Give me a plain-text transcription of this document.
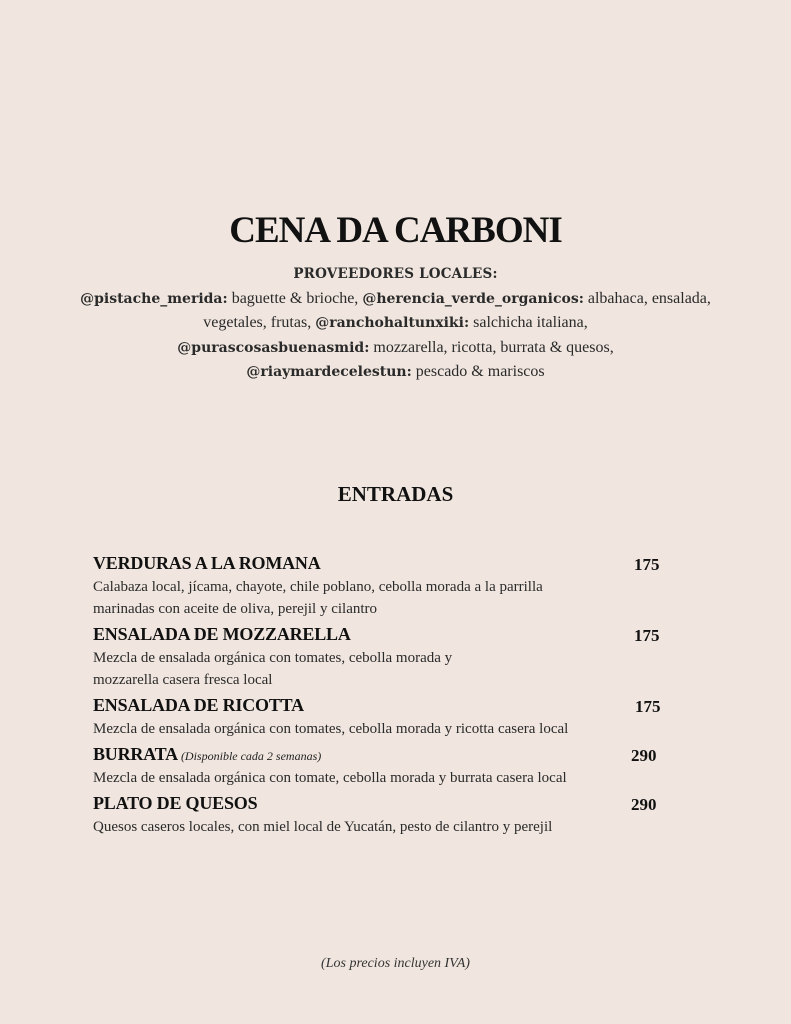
CENA DA CARBONI
PROVEEDORES LOCALES:
@pistache_merida: baguette & brioche, @herencia_verde_organicos: albahaca, ensalada, vegetales, frutas, @ranchohaltunxiki: salchicha italiana,
@purascosasbuenasmid: mozzarella, ricotta, burrata & quesos,
@riaymardecelestun: pescado & mariscos
ENTRADAS
VERDURAS A LA ROMANA	175
Calabaza local, jícama, chayote, chile poblano, cebolla morada a la parrilla
marinadas con aceite de oliva, perejil y cilantro
ENSALADA DE MOZZARELLA	175
Mezcla de ensalada orgánica con tomates, cebolla morada y
mozzarella casera fresca local
ENSALADA DE RICOTTA	175
Mezcla de ensalada orgánica con tomates, cebolla morada y ricotta casera local
BURRATA (Disponible cada 2 semanas)	290
Mezcla de ensalada orgánica con tomate, cebolla morada y burrata casera local
PLATO DE QUESOS	290
Quesos caseros locales, con miel local de Yucatán, pesto de cilantro y perejil
(Los precios incluyen IVA)
